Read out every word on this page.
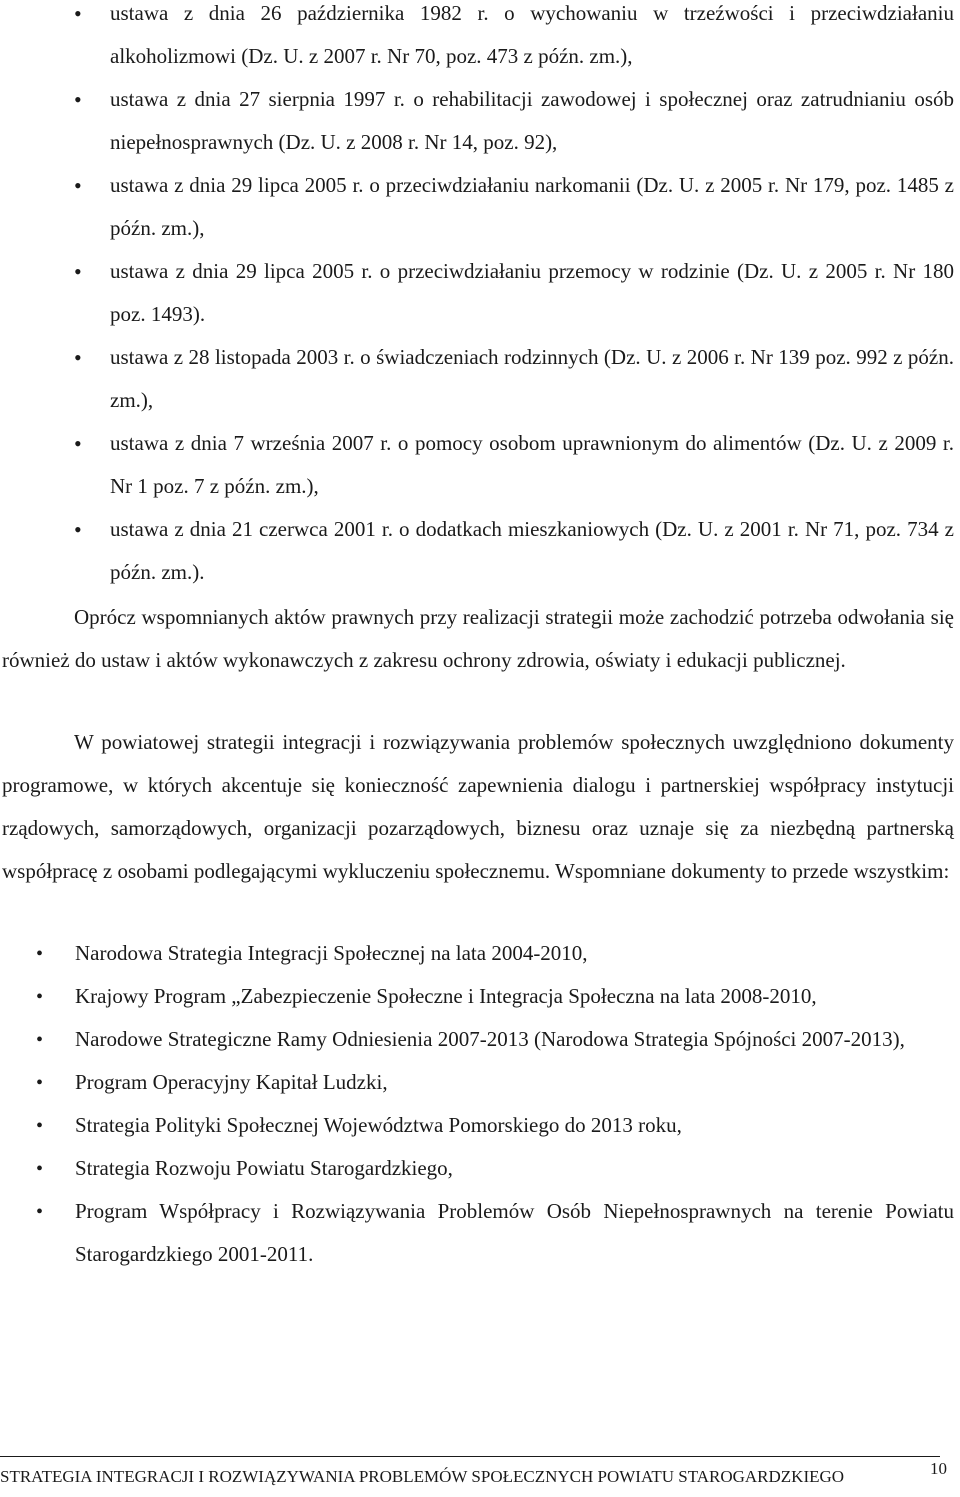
• ustawa z dnia 26 października 1982 r. o wychowaniu w trzeźwości i przeciwdziałaniu alkoholizmowi (Dz. U. z 2007 r. Nr 70, poz. 473 z późn. zm.),
• ustawa z dnia 27 sierpnia 1997 r. o rehabilitacji zawodowej i społecznej oraz zatrudnianiu osób niepełnosprawnych (Dz. U. z 2008 r. Nr 14, poz. 92),
• ustawa z dnia 29 lipca 2005 r. o przeciwdziałaniu narkomanii (Dz. U. z 2005 r. Nr 179, poz. 1485 z późn. zm.),
• ustawa z dnia 29 lipca 2005 r. o przeciwdziałaniu przemocy w rodzinie (Dz. U. z 2005 r. Nr 180 poz. 1493).
• ustawa z 28 listopada 2003 r. o świadczeniach rodzinnych (Dz. U. z 2006 r. Nr 139 poz. 992 z późn. zm.),
• ustawa z dnia 7 września 2007 r. o pomocy osobom uprawnionym do alimentów (Dz. U. z 2009 r. Nr 1 poz. 7 z późn. zm.),
• ustawa z dnia 21 czerwca 2001 r. o dodatkach mieszkaniowych (Dz. U. z 2001 r. Nr 71, poz. 734 z późn. zm.).

Oprócz wspomnianych aktów prawnych przy realizacji strategii może zachodzić potrzeba odwołania się również do ustaw i aktów wykonawczych z zakresu ochrony zdrowia, oświaty i edukacji publicznej.

W powiatowej strategii integracji i rozwiązywania problemów społecznych uwzględniono dokumenty programowe, w których akcentuje się konieczność zapewnienia dialogu i partnerskiej współpracy instytucji rządowych, samorządowych, organizacji pozarządowych, biznesu oraz uznaje się za niezbędną partnerską współpracę z osobami podlegającymi wykluczeniu społecznemu. Wspomniane dokumenty to przede wszystkim:

• Narodowa Strategia Integracji Społecznej na lata 2004-2010,
• Krajowy Program „Zabezpieczenie Społeczne i Integracja Społeczna na lata 2008-2010,
• Narodowe Strategiczne Ramy Odniesienia 2007-2013 (Narodowa Strategia Spójności 2007-2013),
• Program Operacyjny Kapitał Ludzki,
• Strategia Polityki Społecznej Województwa Pomorskiego do 2013 roku,
• Strategia Rozwoju Powiatu Starogardzkiego,
• Program Współpracy i Rozwiązywania Problemów Osób Niepełnosprawnych na terenie Powiatu Starogardzkiego 2001-2011.
STRATEGIA INTEGRACJI I ROZWIĄZYWANIA PROBLEMÓW SPOŁECZNYCH POWIATU STAROGARDZKIEGO	10
